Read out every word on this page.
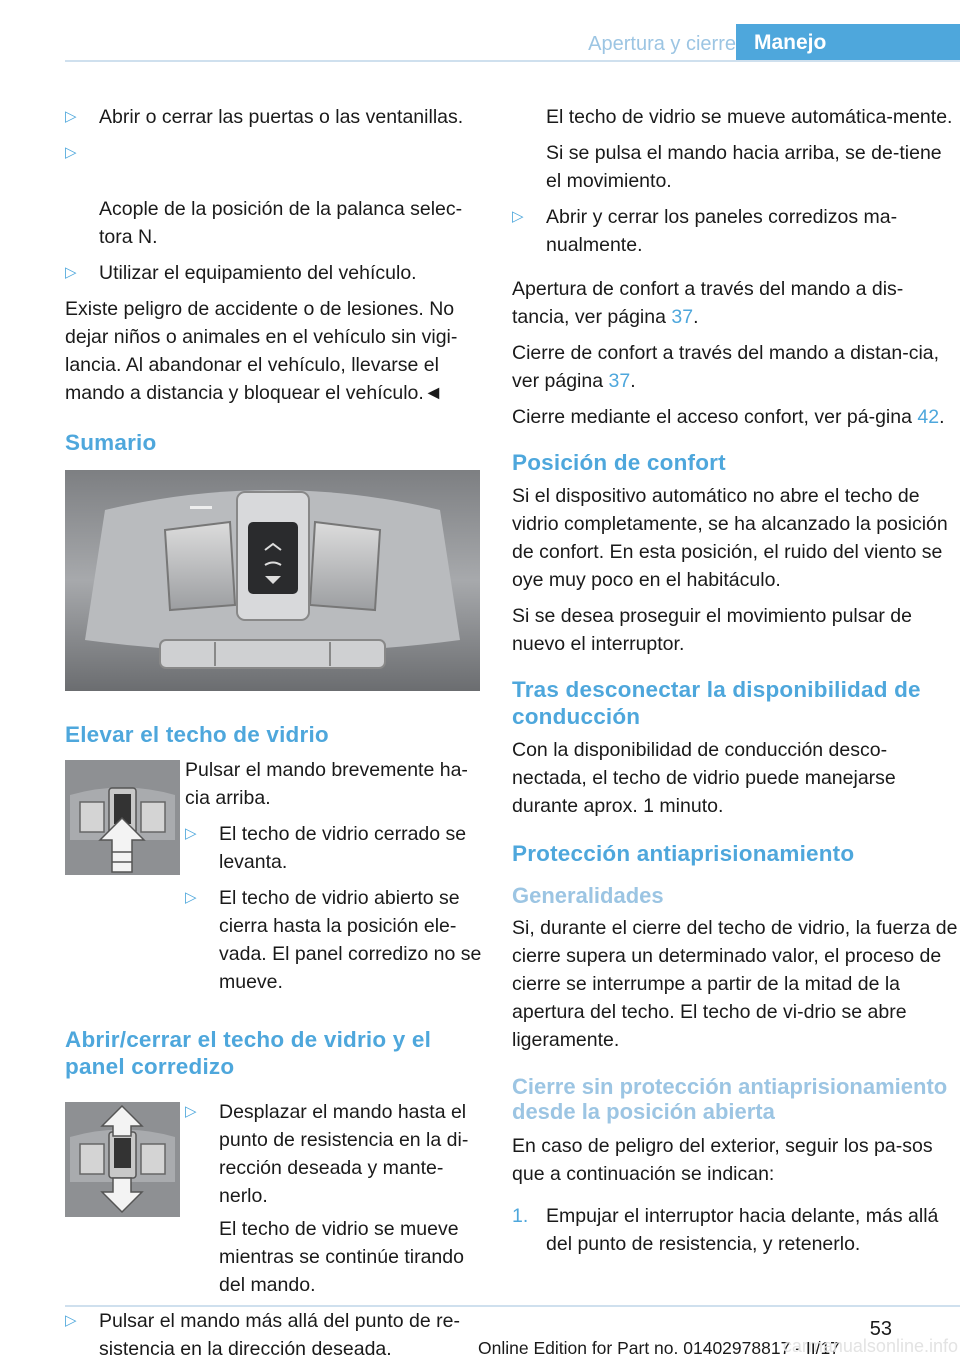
Apertura y cierre Manejo
▷ Abrir o cerrar las puertas o las ventanillas.

▷

Acople de la posición de la palanca selec-
tora N.

▷ Utilizar el equipamiento del vehículo.

Existe peligro de accidente o de lesiones. No dejar niños o animales en el vehículo sin vigi-lancia. Al abandonar el vehículo, llevarse el mando a distancia y bloquear el vehículo.◄

Sumario
Elevar el techo de vidrio

Pulsar el mando brevemente ha-cia arriba.

▷ El techo de vidrio cerrado se levanta.
▷ El techo de vidrio abierto se cierra hasta la posición ele-vada. El panel corredizo no se mueve.
Abrir/cerrar el techo de vidrio y el panel corredizo
▷ Desplazar el mando hasta el punto de resistencia en la di-rección deseada y mante-nerlo.
El techo de vidrio se mueve mientras se continúe tirando del mando.
▷ Pulsar el mando más allá del punto de re-sistencia en la dirección deseada.

El techo de vidrio se mueve automática-mente.

Si se pulsa el mando hacia arriba, se de-tiene el movimiento.

▷ Abrir y cerrar los paneles corredizos ma-nualmente.

Apertura de confort a través del mando a dis-tancia, ver página 37.

Cierre de confort a través del mando a distan-cia, ver página 37.

Cierre mediante el acceso confort, ver pá-gina 42.

Posición de confort

Si el dispositivo automático no abre el techo de vidrio completamente, se ha alcanzado la posición de confort. En esta posición, el ruido del viento se oye muy poco en el habitáculo.

Si se desea proseguir el movimiento pulsar de nuevo el interruptor.

Tras desconectar la disponibilidad de conducción

Con la disponibilidad de conducción desco-nectada, el techo de vidrio puede manejarse durante aprox. 1 minuto.

Protección antiaprisionamiento
Generalidades

Si, durante el cierre del techo de vidrio, la fuerza de cierre supera un determinado valor, el proceso de cierre se interrumpe a partir de la mitad de la apertura del techo. El techo de vi-drio se abre ligeramente.

Cierre sin protección antiaprisionamiento desde la posición abierta

En caso de peligro del exterior, seguir los pa-sos que a continuación se indican:

1. Empujar el interruptor hacia delante, más allá del punto de resistencia, y retenerlo.
53
Online Edition for Part no. 01402978817 - II/17
carmanualsonline.info
